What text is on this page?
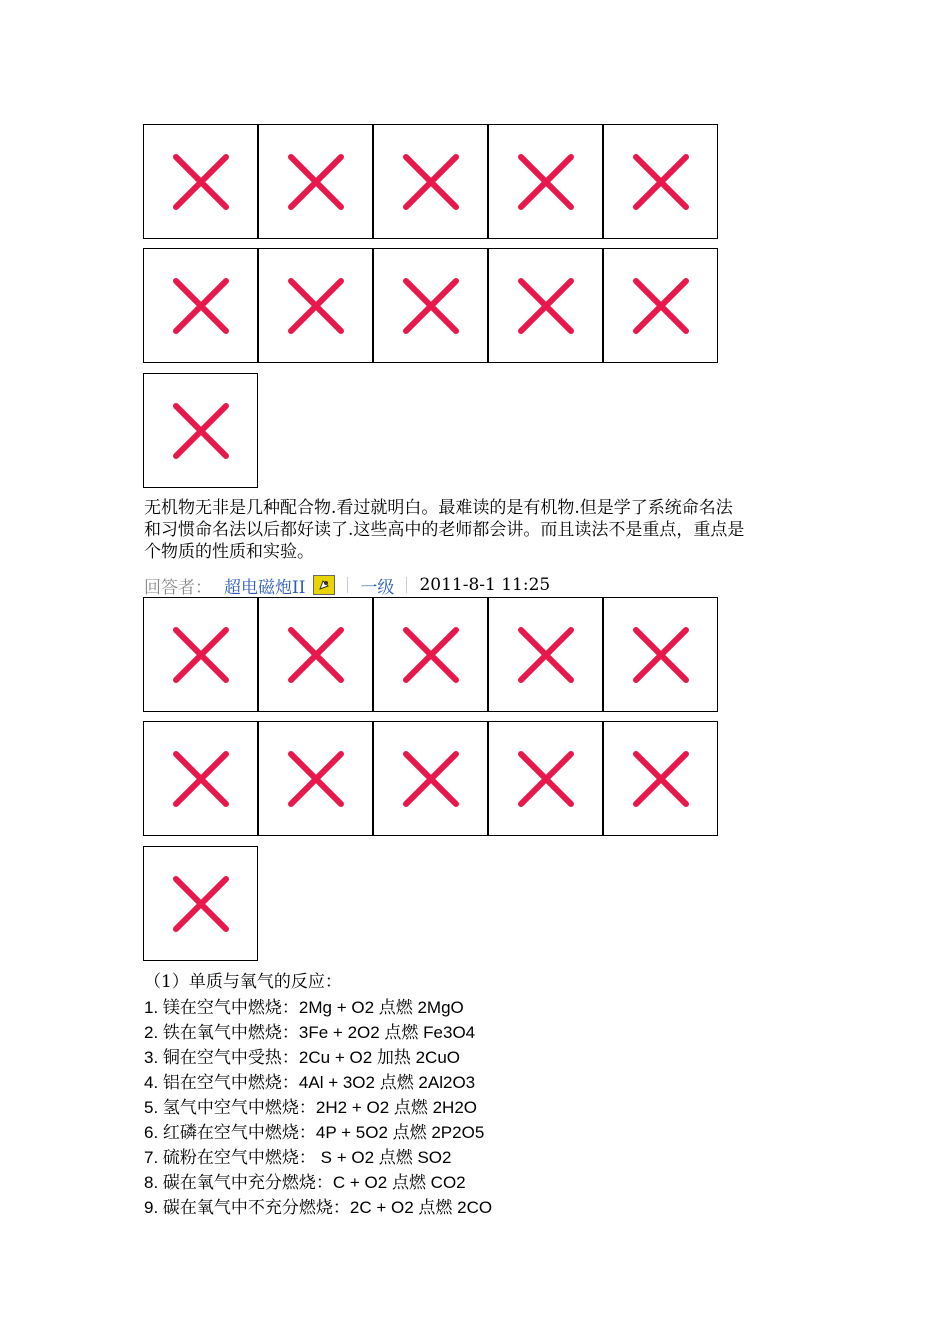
无机物无非是几种配合物.看过就明白。最难读的是有机物.但是学了系统命名法
和习惯命名法以后都好读了.这些高中的老师都会讲。而且读法不是重点，重点是
个物质的性质和实验。
回答者： 超电磁炮II	一级 2011-8-1 11:25
（1）单质与氧气的反应：
1. 镁在空气中燃烧：2Mg + O2 点燃 2MgO
2. 铁在氧气中燃烧：3Fe + 2O2 点燃 Fe3O4
3. 铜在空气中受热：2Cu + O2 加热 2CuO
4. 铝在空气中燃烧：4Al + 3O2 点燃 2Al2O3
5. 氢气中空气中燃烧：2H2 + O2 点燃 2H2O
6. 红磷在空气中燃烧：4P + 5O2 点燃 2P2O5
7. 硫粉在空气中燃烧： S + O2 点燃 SO2
8. 碳在氧气中充分燃烧：C + O2 点燃 CO2
9. 碳在氧气中不充分燃烧：2C + O2 点燃 2CO
